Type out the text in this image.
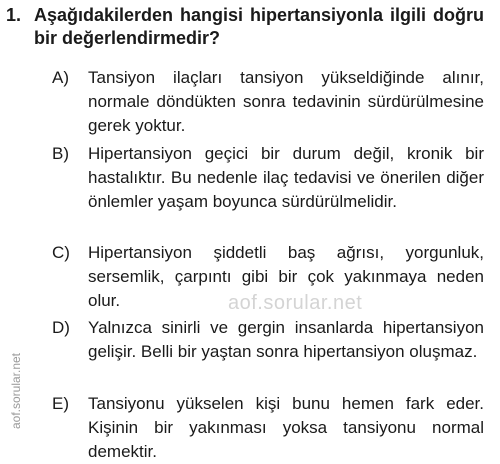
1. Aşağıdakilerden hangisi hipertansiyonla ilgili doğru bir değerlendirmedir?
A) Tansiyon ilaçları tansiyon yükseldiğinde alınır, normale döndükten sonra tedavinin sürdürülmesine gerek yoktur.
B) Hipertansiyon geçici bir durum değil, kronik bir hastalıktır. Bu nedenle ilaç tedavisi ve önerilen diğer önlemler yaşam boyunca sürdürülmelidir.
C) Hipertansiyon şiddetli baş ağrısı, yorgunluk, sersemlik, çarpıntı gibi bir çok yakınmaya neden olur.
D) Yalnızca sinirli ve gergin insanlarda hipertansiyon gelişir. Belli bir yaştan sonra hipertansiyon oluşmaz.
E) Tansiyonu yükselen kişi bunu hemen fark eder. Kişinin bir yakınması yoksa tansiyonu normal demektir.
aof.sorular.net
aof.sorular.net
